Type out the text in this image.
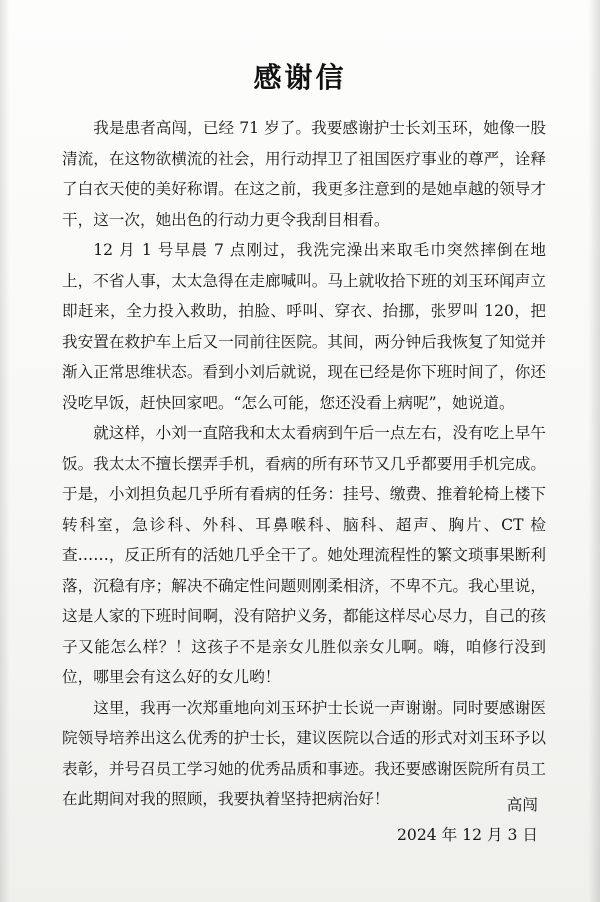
感谢信

我是患者高闯，已经 71 岁了。我要感谢护士长刘玉环，她像一股清流，在这物欲横流的社会，用行动捍卫了祖国医疗事业的尊严，诠释了白衣天使的美好称谓。在这之前，我更多注意到的是她卓越的领导才干，这一次，她出色的行动力更令我刮目相看。

12 月 1 号早晨 7 点刚过，我洗完澡出来取毛巾突然摔倒在地上，不省人事，太太急得在走廊喊叫。马上就收拾下班的刘玉环闻声立即赶来，全力投入救助，拍脸、呼叫、穿衣、抬挪，张罗叫 120，把我安置在救护车上后又一同前往医院。其间，两分钟后我恢复了知觉并渐入正常思维状态。看到小刘后就说，现在已经是你下班时间了，你还没吃早饭，赶快回家吧。“怎么可能，您还没看上病呢”，她说道。

就这样，小刘一直陪我和太太看病到午后一点左右，没有吃上早午饭。我太太不擅长摆弄手机，看病的所有环节又几乎都要用手机完成。于是，小刘担负起几乎所有看病的任务：挂号、缴费、推着轮椅上楼下转科室，急诊科、外科、耳鼻喉科、脑科、超声、胸片、CT 检查……，反正所有的活她几乎全干了。她处理流程性的繁文琐事果断利落，沉稳有序；解决不确定性问题则刚柔相济，不卑不亢。我心里说，这是人家的下班时间啊，没有陪护义务，都能这样尽心尽力，自己的孩子又能怎么样？！这孩子不是亲女儿胜似亲女儿啊。嗨，咱修行没到位，哪里会有这么好的女儿哟！

这里，我再一次郑重地向刘玉环护士长说一声谢谢。同时要感谢医院领导培养出这么优秀的护士长，建议医院以合适的形式对刘玉环予以表彰，并号召员工学习她的优秀品质和事迹。我还要感谢医院所有员工在此期间对我的照顾，我要执着坚持把病治好！	高闯
2024 年 12 月 3 日
